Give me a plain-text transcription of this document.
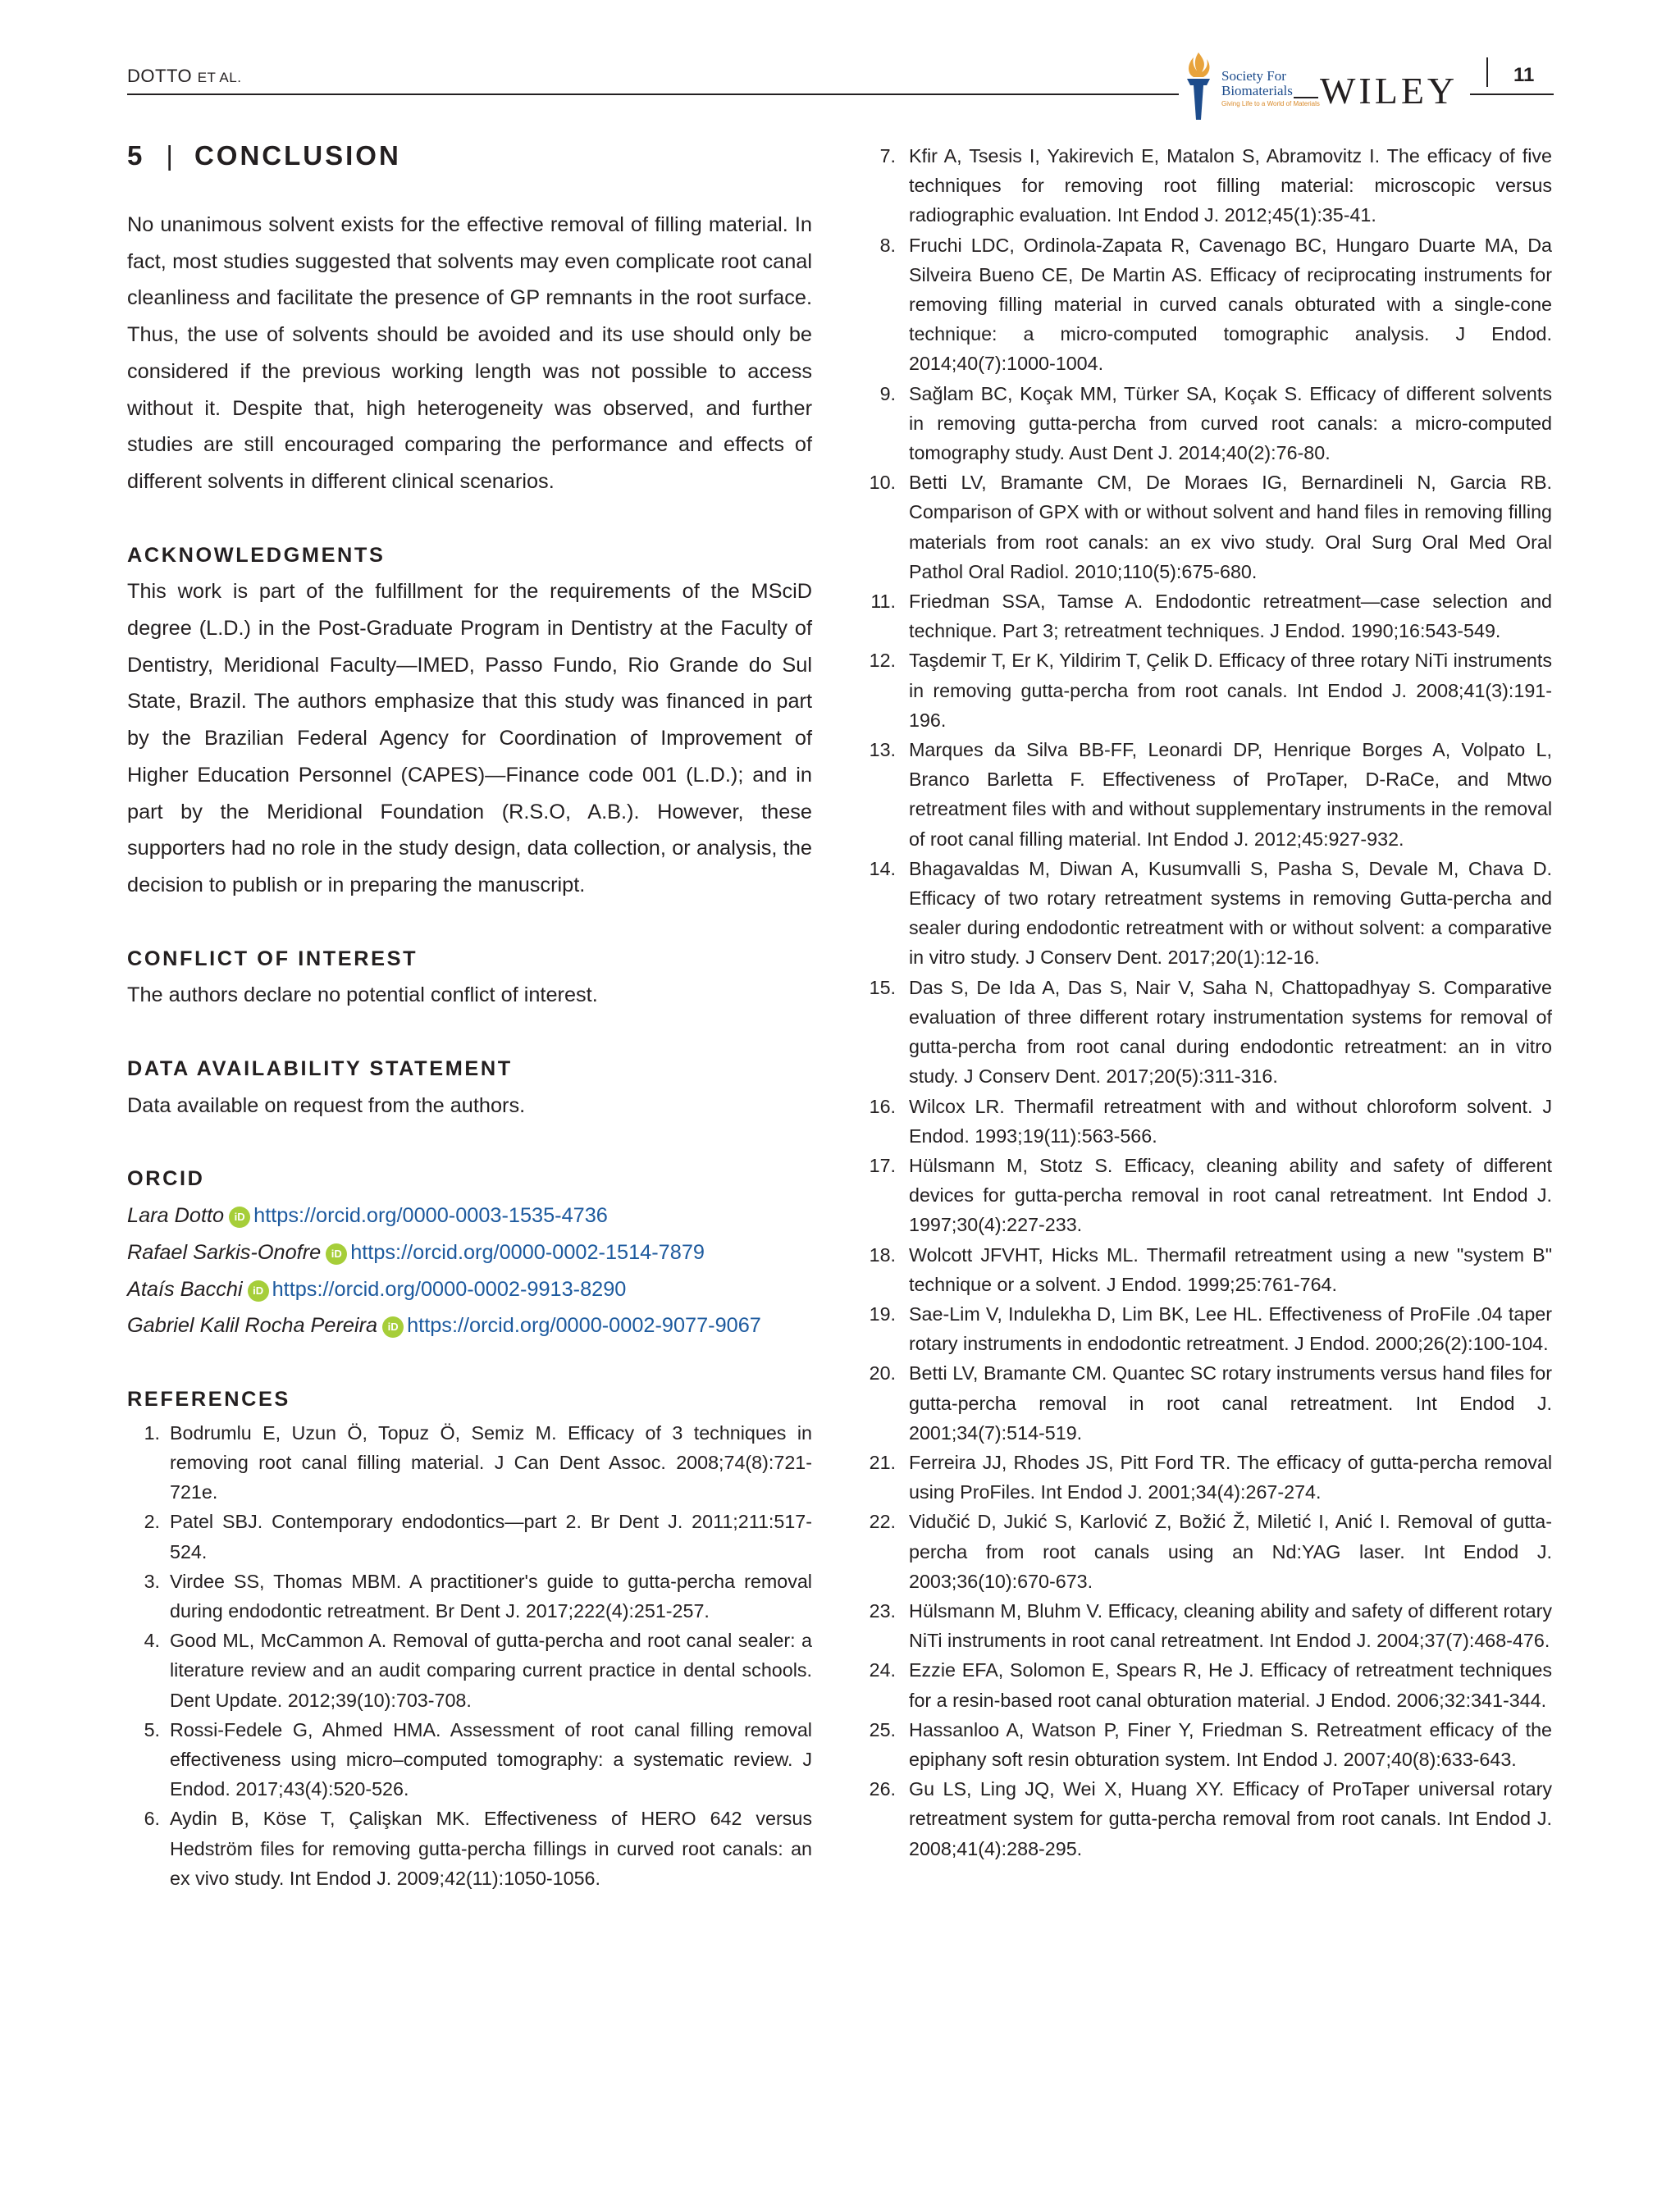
DOTTO ET AL.	Society For
Biomaterials
Giving Life to a World of Materials WILEY	11
5 | CONCLUSION

No unanimous solvent exists for the effective removal of filling material. In fact, most studies suggested that solvents may even complicate root canal cleanliness and facilitate the presence of GP remnants in the root surface. Thus, the use of solvents should be avoided and its use should only be considered if the previous working length was not possible to access without it. Despite that, high heterogeneity was observed, and further studies are still encouraged comparing the performance and effects of different solvents in different clinical scenarios.

ACKNOWLEDGMENTS

This work is part of the fulfillment for the requirements of the MSciD degree (L.D.) in the Post-Graduate Program in Dentistry at the Faculty of Dentistry, Meridional Faculty—IMED, Passo Fundo, Rio Grande do Sul State, Brazil. The authors emphasize that this study was financed in part by the Brazilian Federal Agency for Coordination of Improvement of Higher Education Personnel (CAPES)—Finance code 001 (L.D.); and in part by the Meridional Foundation (R.S.O, A.B.). However, these supporters had no role in the study design, data collection, or analysis, the decision to publish or in preparing the manuscript.

CONFLICT OF INTEREST

The authors declare no potential conflict of interest.

DATA AVAILABILITY STATEMENT

Data available on request from the authors.

ORCID
Lara Dotto iD https://orcid.org/0000-0003-1535-4736
Rafael Sarkis-Onofre iD https://orcid.org/0000-0002-1514-7879
Ataís Bacchi iD https://orcid.org/0000-0002-9913-8290
Gabriel Kalil Rocha Pereira iD https://orcid.org/0000-0002-9077-9067
REFERENCES
1. Bodrumlu E, Uzun Ö, Topuz Ö, Semiz M. Efficacy of 3 techniques in removing root canal filling material. J Can Dent Assoc. 2008;74(8):721-721e.
2. Patel SBJ. Contemporary endodontics—part 2. Br Dent J. 2011;211:517-524.
3. Virdee SS, Thomas MBM. A practitioner's guide to gutta-percha removal during endodontic retreatment. Br Dent J. 2017;222(4):251-257.
4. Good ML, McCammon A. Removal of gutta-percha and root canal sealer: a literature review and an audit comparing current practice in dental schools. Dent Update. 2012;39(10):703-708.
5. Rossi-Fedele G, Ahmed HMA. Assessment of root canal filling removal effectiveness using micro–computed tomography: a systematic review. J Endod. 2017;43(4):520-526.
6. Aydin B, Köse T, Çalişkan MK. Effectiveness of HERO 642 versus Hedström files for removing gutta-percha fillings in curved root canals: an ex vivo study. Int Endod J. 2009;42(11):1050-1056.
7. Kfir A, Tsesis I, Yakirevich E, Matalon S, Abramovitz I. The efficacy of five techniques for removing root filling material: microscopic versus radiographic evaluation. Int Endod J. 2012;45(1):35-41.
8. Fruchi LDC, Ordinola-Zapata R, Cavenago BC, Hungaro Duarte MA, Da Silveira Bueno CE, De Martin AS. Efficacy of reciprocating instruments for removing filling material in curved canals obturated with a single-cone technique: a micro-computed tomographic analysis. J Endod. 2014;40(7):1000-1004.
9. Sağlam BC, Koçak MM, Türker SA, Koçak S. Efficacy of different solvents in removing gutta-percha from curved root canals: a micro-computed tomography study. Aust Dent J. 2014;40(2):76-80.
10. Betti LV, Bramante CM, De Moraes IG, Bernardineli N, Garcia RB. Comparison of GPX with or without solvent and hand files in removing filling materials from root canals: an ex vivo study. Oral Surg Oral Med Oral Pathol Oral Radiol. 2010;110(5):675-680.
11. Friedman SSA, Tamse A. Endodontic retreatment—case selection and technique. Part 3; retreatment techniques. J Endod. 1990;16:543-549.
12. Taşdemir T, Er K, Yildirim T, Çelik D. Efficacy of three rotary NiTi instruments in removing gutta-percha from root canals. Int Endod J. 2008;41(3):191-196.
13. Marques da Silva BB-FF, Leonardi DP, Henrique Borges A, Volpato L, Branco Barletta F. Effectiveness of ProTaper, D-RaCe, and Mtwo retreatment files with and without supplementary instruments in the removal of root canal filling material. Int Endod J. 2012;45:927-932.
14. Bhagavaldas M, Diwan A, Kusumvalli S, Pasha S, Devale M, Chava D. Efficacy of two rotary retreatment systems in removing Gutta-percha and sealer during endodontic retreatment with or without solvent: a comparative in vitro study. J Conserv Dent. 2017;20(1):12-16.
15. Das S, De Ida A, Das S, Nair V, Saha N, Chattopadhyay S. Comparative evaluation of three different rotary instrumentation systems for removal of gutta-percha from root canal during endodontic retreatment: an in vitro study. J Conserv Dent. 2017;20(5):311-316.
16. Wilcox LR. Thermafil retreatment with and without chloroform solvent. J Endod. 1993;19(11):563-566.
17. Hülsmann M, Stotz S. Efficacy, cleaning ability and safety of different devices for gutta-percha removal in root canal retreatment. Int Endod J. 1997;30(4):227-233.
18. Wolcott JFVHT, Hicks ML. Thermafil retreatment using a new "system B" technique or a solvent. J Endod. 1999;25:761-764.
19. Sae-Lim V, Indulekha D, Lim BK, Lee HL. Effectiveness of ProFile .04 taper rotary instruments in endodontic retreatment. J Endod. 2000;26(2):100-104.
20. Betti LV, Bramante CM. Quantec SC rotary instruments versus hand files for gutta-percha removal in root canal retreatment. Int Endod J. 2001;34(7):514-519.
21. Ferreira JJ, Rhodes JS, Pitt Ford TR. The efficacy of gutta-percha removal using ProFiles. Int Endod J. 2001;34(4):267-274.
22. Vidučić D, Jukić S, Karlović Z, Božić Ž, Miletić I, Anić I. Removal of gutta-percha from root canals using an Nd:YAG laser. Int Endod J. 2003;36(10):670-673.
23. Hülsmann M, Bluhm V. Efficacy, cleaning ability and safety of different rotary NiTi instruments in root canal retreatment. Int Endod J. 2004;37(7):468-476.
24. Ezzie EFA, Solomon E, Spears R, He J. Efficacy of retreatment techniques for a resin-based root canal obturation material. J Endod. 2006;32:341-344.
25. Hassanloo A, Watson P, Finer Y, Friedman S. Retreatment efficacy of the epiphany soft resin obturation system. Int Endod J. 2007;40(8):633-643.
26. Gu LS, Ling JQ, Wei X, Huang XY. Efficacy of ProTaper universal rotary retreatment system for gutta-percha removal from root canals. Int Endod J. 2008;41(4):288-295.
